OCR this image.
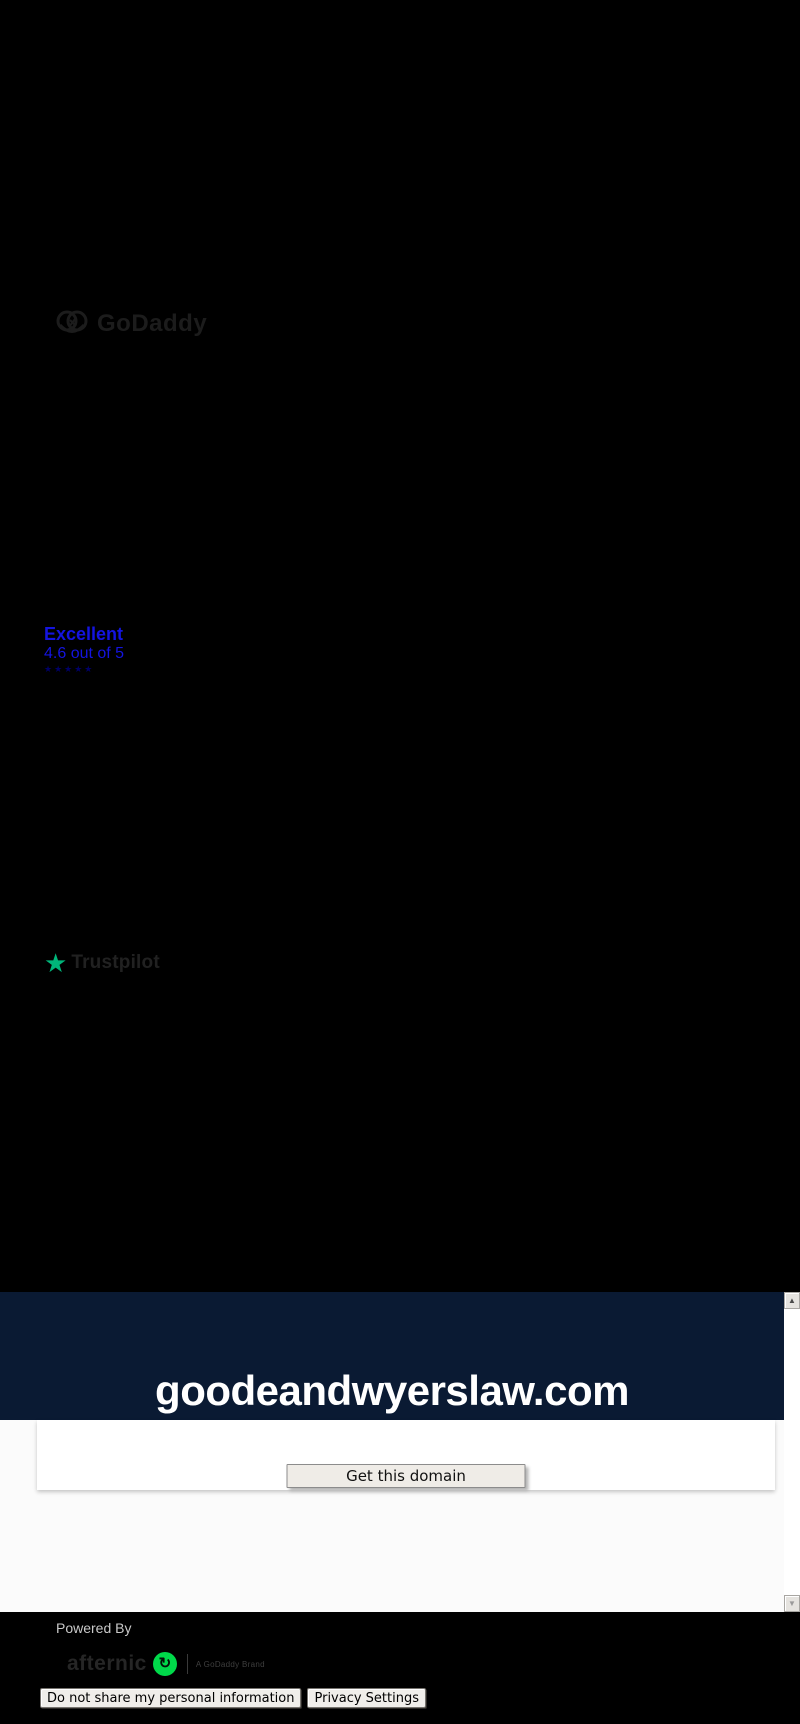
GoDaddy
Excellent
4.6 out of 5
★★★★★
★ Trustpilot
goodeandwyerslaw.com
Get this domain
▲
▼
Powered By
afternic ↻	A GoDaddy Brand
Do not share my personal information	Privacy Settings
